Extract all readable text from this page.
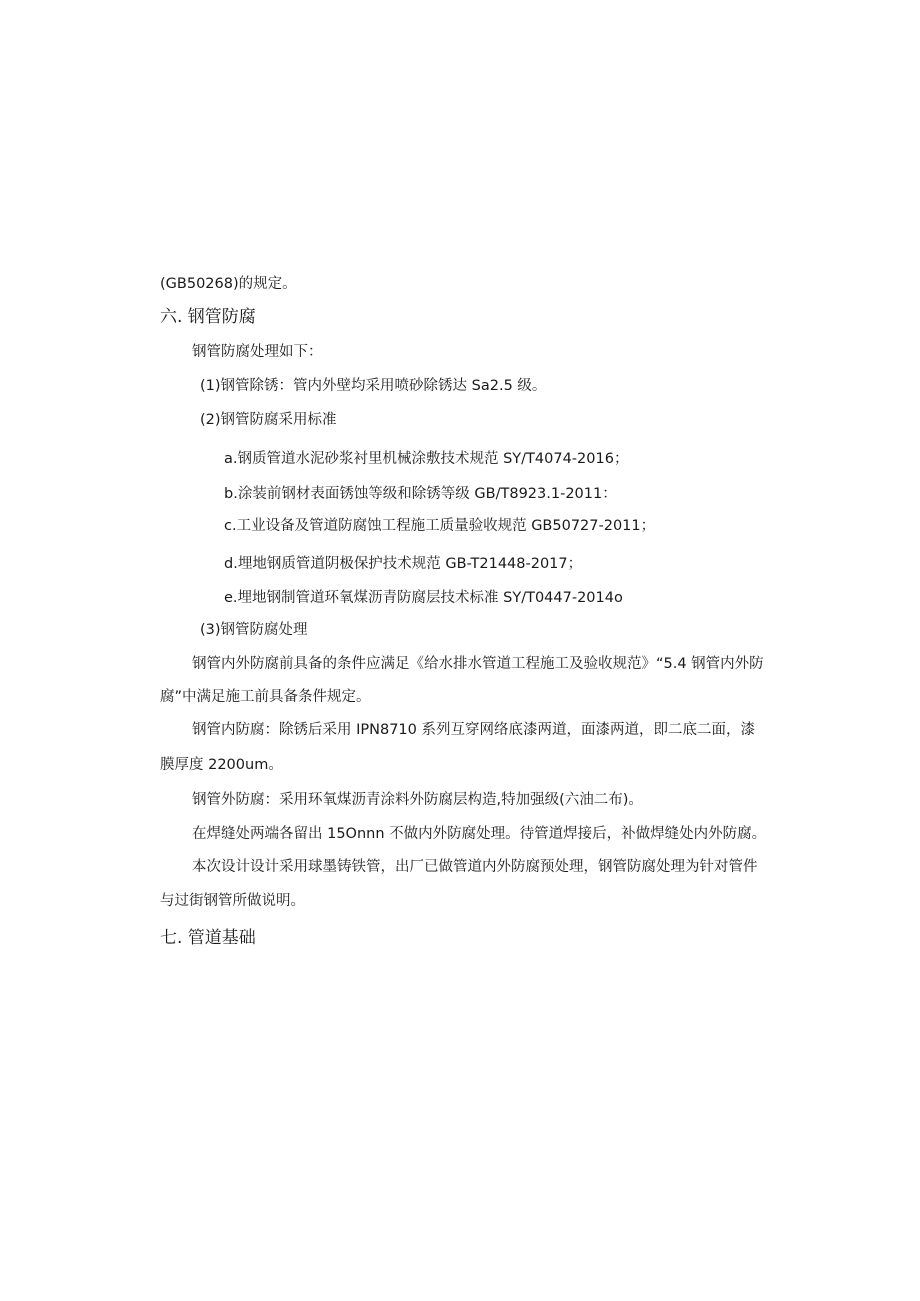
(GB50268)的规定。
六. 钢管防腐
钢管防腐处理如下：
(1)钢管除锈：管内外壁均采用喷砂除锈达 Sa2.5 级。
(2)钢管防腐采用标准
a.钢质管道水泥砂浆衬里机械涂敷技术规范 SY/T4074-2016；
b.涂装前钢材表面锈蚀等级和除锈等级 GB/T8923.1-2011：
c.工业设备及管道防腐蚀工程施工质量验收规范 GB50727-2011；
d.埋地钢质管道阴极保护技术规范 GB-T21448-2017；
e.埋地钢制管道环氧煤沥青防腐层技术标准 SY/T0447-2014o
(3)钢管防腐处理
钢管内外防腐前具备的条件应满足《给水排水管道工程施工及验收规范》“5.4 钢管内外防
腐”中满足施工前具备条件规定。
钢管内防腐：除锈后采用 IPN8710 系列互穿网络底漆两道，面漆两道，即二底二面，漆
膜厚度 2200um。
钢管外防腐：采用环氧煤沥青涂料外防腐层构造,特加强级(六油二布)。
在焊缝处两端各留出 15Onnn 不做内外防腐处理。待管道焊接后，补做焊缝处内外防腐。
本次设计设计采用球墨铸铁管，出厂已做管道内外防腐预处理，钢管防腐处理为针对管件
与过街钢管所做说明。
七. 管道基础
